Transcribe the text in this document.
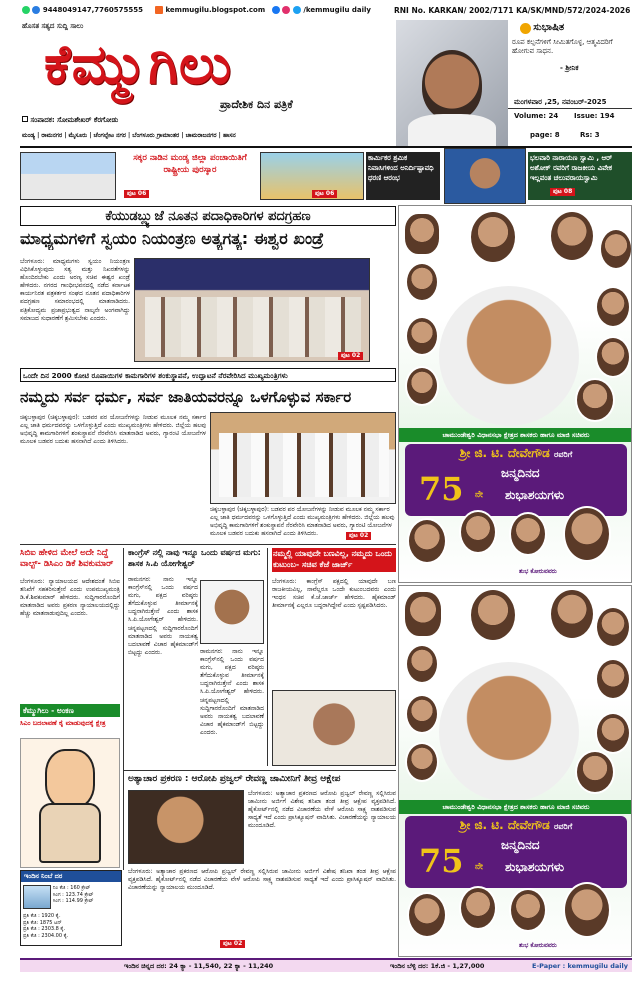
9448049147,7760575555	kemmugilu.blogspot.com	/kemmugilu daily
ಹೊಸತ ಸತ್ಯದ ಸುದ್ದಿ ಸಾಲು
ಕೆಮ್ಮುಗಿಲು
ಪ್ರಾದೇಶಿಕ ದಿನ ಪತ್ರಿಕೆ
ಸಂಪಾದಕ: ಸೋಮಶೇಖರ್ ಕೆರಗೋಡು
ಮಂಡ್ಯ | ರಾಮನಗರ | ಮೈಸೂರು | ಚೆಂಗಲ್ಪೇಟ ನಗರ | ಬೆಂಗಳೂರು ಗ್ರಾಮಾಂತರ | ಚಾಮರಾಜನಗರ | ಹಾಸನ
RNI No. KARKAN/ 2002/7171 KA/SK/MND/572/2024-2026
ಸುಭಾಷಿತ
ರೂಪ ಕಲ್ಪನೆಗಳಿಗೆ ಸೀಮಿತಗೊಳ್ಳ, ಆತ್ಮವಿದರಿಗೆ ಹೋಗುವ ಸಾಧನ.
- ಶ್ರೀನಿಕ
ಮಂಗಳವಾರ ,25, ನವಂಬರ್-2025
Volume: 24 Issue: 194
page: 8	Rs: 3
ಸಕ್ಕರ ನಾಡಿನ ಮಂಡ್ಯ ಜಿಲ್ಲಾ ಪಂಚಾಯಿತಿಗೆ ರಾಷ್ಟ್ರೀಯ ಪುರಸ್ಕಾರ
ಪುಟ 06
ಕಾರ್ಮಿಕರ ಶ್ರಮಿಕ ನಿವಾಸಿಗಳಿಂದ ಅನಿರ್ದಿಷ್ಟಾವಧಿ ಧರಣಿ ಆರಂಭ
ಪುಟ 06
ಭಲವಾರಿ ನಾರಾಯಣ ಸ್ವಾಮಿ , ಆರ್ ಅಶೋಕ್ ರವರಿಗೆ ರಾಜಕೀಯ ವಿವೇಕ ಇಲ್ಲವಂತ ಚಲುವರಾಯಸ್ವಾಮಿ
ಪುಟ 08
ಕೆಯುಡಬ್ಲ್ಯುಜೆ ನೂತನ ಪದಾಧಿಕಾರಿಗಳ ಪದಗ್ರಹಣ
ಮಾಧ್ಯಮಗಳಿಗೆ ಸ್ವಯಂ ನಿಯಂತ್ರಣ ಅತ್ಯಗತ್ಯ: ಈಶ್ವರ ಖಂಡ್ರೆ
ಬೆಂಗಳೂರು: ಮಾಧ್ಯಮಗಳು ಸ್ವಯಂ ನಿಯಂತ್ರಣ ವಿಧಿಸಿಕೊಳ್ಳುವುದು ಸತ್ಯ ಮತ್ತು ನಿಖರತೆಗಳನ್ನು ಹೊಂದಿರಬೇಕು ಎಂದು ಅರಣ್ಯ ಸಚಿವ ಈಶ್ವರ ಖಂಡ್ರೆ ಹೇಳಿದರು. ನಗರದ ಗಾಂಧೀಭವನದಲ್ಲಿ ನಡೆದ ಕರ್ನಾಟಕ ಕಾರ್ಯನಿರತ ಪತ್ರಕರ್ತರ ಸಂಘದ ನೂತನ ಪದಾಧಿಕಾರಿಗಳ ಪದಗ್ರಹಣ ಸಮಾರಂಭದಲ್ಲಿ ಮಾತನಾಡಿದರು. ಪತ್ರಿಕೋದ್ಯಮ ಪ್ರಜಾಪ್ರಭುತ್ವದ ನಾಲ್ಕನೇ ಅಂಗವಾಗಿದ್ದು ಸಮಾಜದ ಸುಧಾರಣೆಗೆ ಶ್ರಮಿಸಬೇಕು ಎಂದರು.
ಪುಟ 02
ಒಂದೇ ದಿನ 2000 ಕೋಟಿ ರೂಪಾಯಿಗಳ ಕಾಮಗಾರಿಗಳ ಶಂಕುಸ್ಥಾಪನೆ, ಉದ್ಘಾಟನೆ ನೆರವೇರಿಸಿದ ಮುಖ್ಯಮಂತ್ರಿಗಳು
ನಮ್ಮದು ಸರ್ವ ಧರ್ಮ, ಸರ್ವ ಜಾತಿಯವರನ್ನೂ ಒಳಗೊಳ್ಳುವ ಸರ್ಕಾರ
ಚಿಕ್ಕಬಳ್ಳಾಪುರ (ಚಿಕ್ಕಬಳ್ಳಾಪುರ): ಬಡವರ ಪರ ಯೋಜನೆಗಳನ್ನು ನೀಡುವ ಮೂಲಕ ನಮ್ಮ ಸರ್ಕಾರ ಎಲ್ಲ ಜಾತಿ ಧರ್ಮದವರನ್ನು ಒಳಗೊಳ್ಳುತ್ತಿದೆ ಎಂದು ಮುಖ್ಯಮಂತ್ರಿಗಳು ಹೇಳಿದರು. ಜಿಲ್ಲೆಯ ಹಲವು ಅಭಿವೃದ್ಧಿ ಕಾಮಗಾರಿಗಳಿಗೆ ಶಂಕುಸ್ಥಾಪನೆ ನೆರವೇರಿಸಿ ಮಾತನಾಡಿದ ಅವರು, ಗ್ಯಾರಂಟಿ ಯೋಜನೆಗಳ ಮೂಲಕ ಬಡವರ ಬದುಕು ಹಸನಾಗಿದೆ ಎಂದು ತಿಳಿಸಿದರು.
ಚಿಕ್ಕಬಳ್ಳಾಪುರ (ಚಿಕ್ಕಬಳ್ಳಾಪುರ): ಬಡವರ ಪರ ಯೋಜನೆಗಳನ್ನು ನೀಡುವ ಮೂಲಕ ನಮ್ಮ ಸರ್ಕಾರ ಎಲ್ಲ ಜಾತಿ ಧರ್ಮದವರನ್ನು ಒಳಗೊಳ್ಳುತ್ತಿದೆ ಎಂದು ಮುಖ್ಯಮಂತ್ರಿಗಳು ಹೇಳಿದರು. ಜಿಲ್ಲೆಯ ಹಲವು ಅಭಿವೃದ್ಧಿ ಕಾಮಗಾರಿಗಳಿಗೆ ಶಂಕುಸ್ಥಾಪನೆ ನೆರವೇರಿಸಿ ಮಾತನಾಡಿದ ಅವರು, ಗ್ಯಾರಂಟಿ ಯೋಜನೆಗಳ ಮೂಲಕ ಬಡವರ ಬದುಕು ಹಸನಾಗಿದೆ ಎಂದು ತಿಳಿಸಿದರು.	ಪುಟ 02
ಸಿಬಿಐ ಹೇಳಿದ ಮೇಲೆ ಅದೇ ನಿದ್ದೆ ವಾಲ್ಟ್- ಡಿಸಿಎಂ ಡಿಕೆ ಶಿವಕುಮಾರ್
ಬೆಂಗಳೂರು: ನ್ಯಾಯಾಲಯದ ಆದೇಶದಂತೆ ಸಿಬಿಐ ತನಿಖೆಗೆ ಸಹಕರಿಸುತ್ತೇನೆ ಎಂದು ಉಪಮುಖ್ಯಮಂತ್ರಿ ಡಿ.ಕೆ.ಶಿವಕುಮಾರ್ ಹೇಳಿದರು. ಸುದ್ದಿಗಾರರೊಂದಿಗೆ ಮಾತನಾಡಿದ ಅವರು ಪ್ರಕರಣ ನ್ಯಾಯಾಲಯದಲ್ಲಿದ್ದು ಹೆಚ್ಚು ಮಾತನಾಡುವುದಿಲ್ಲ ಎಂದರು.
ಕೆಮ್ಮುಗಿಲು - ಅಂಕಣ
ಸಿಎಂ ಬದಲಾವಣೆ ಕೈ ಮಾಡುವುದಕ್ಕೆ ಕ್ಷೇತ್ರ
ಕಾಂಗ್ರೆಸ್ ನಲ್ಲಿ ನಾವು ಇನ್ನೂ ಒಂದು ವರ್ಷದ ಮಗು: ಶಾಸಕ ಸಿ.ಪಿ ಯೋಗೇಶ್ವರ್
ರಾಮನಗರ: ನಾನು ಇನ್ನೂ ಕಾಂಗ್ರೆಸ್‌ನಲ್ಲಿ ಒಂದು ವರ್ಷದ ಮಗು, ಪಕ್ಷದ ವರಿಷ್ಠರು ತೆಗೆದುಕೊಳ್ಳುವ ತೀರ್ಮಾನಕ್ಕೆ ಬದ್ಧನಾಗಿರುತ್ತೇನೆ ಎಂದು ಶಾಸಕ ಸಿ.ಪಿ.ಯೋಗೇಶ್ವರ್ ಹೇಳಿದರು. ಚನ್ನಪಟ್ಟಣದಲ್ಲಿ ಸುದ್ದಿಗಾರರೊಂದಿಗೆ ಮಾತನಾಡಿದ ಅವರು ನಾಯಕತ್ವ ಬದಲಾವಣೆ ವಿಚಾರ ಹೈಕಮಾಂಡ್‌ಗೆ ಬಿಟ್ಟದ್ದು ಎಂದರು.	ರಾಮನಗರ: ನಾನು ಇನ್ನೂ ಕಾಂಗ್ರೆಸ್‌ನಲ್ಲಿ ಒಂದು ವರ್ಷದ ಮಗು, ಪಕ್ಷದ ವರಿಷ್ಠರು ತೆಗೆದುಕೊಳ್ಳುವ ತೀರ್ಮಾನಕ್ಕೆ ಬದ್ಧನಾಗಿರುತ್ತೇನೆ ಎಂದು ಶಾಸಕ ಸಿ.ಪಿ.ಯೋಗೇಶ್ವರ್ ಹೇಳಿದರು. ಚನ್ನಪಟ್ಟಣದಲ್ಲಿ ಸುದ್ದಿಗಾರರೊಂದಿಗೆ ಮಾತನಾಡಿದ ಅವರು ನಾಯಕತ್ವ ಬದಲಾವಣೆ ವಿಚಾರ ಹೈಕಮಾಂಡ್‌ಗೆ ಬಿಟ್ಟದ್ದು ಎಂದರು.
ನಮ್ಮಲ್ಲಿ ಯಾವುದೇ ಬಣವಿಲ್ಲ, ನಮ್ಮದು ಒಂದು ಕುಟುಂಬ- ಸಚಿವ ಕೆಜೆ ಜಾರ್ಜ್
ಬೆಂಗಳೂರು: ಕಾಂಗ್ರೆಸ್ ಪಕ್ಷದಲ್ಲಿ ಯಾವುದೇ ಬಣ ರಾಜಕೀಯವಿಲ್ಲ, ನಾವೆಲ್ಲರೂ ಒಂದೇ ಕುಟುಂಬದವರು ಎಂದು ಇಂಧನ ಸಚಿವ ಕೆ.ಜೆ.ಜಾರ್ಜ್ ಹೇಳಿದರು. ಹೈಕಮಾಂಡ್ ತೀರ್ಮಾನಕ್ಕೆ ಎಲ್ಲರೂ ಬದ್ಧರಾಗಿದ್ದೇವೆ ಎಂದು ಸ್ಪಷ್ಟಪಡಿಸಿದರು.
ಅತ್ಯಾಚಾರ ಪ್ರಕರಣ : ಆರೋಪಿ ಪ್ರಜ್ವಲ್ ರೇವಣ್ಣ ಜಾಮೀನಿಗೆ ತೀವ್ರ ಆಕ್ಷೇಪ
ಬೆಂಗಳೂರು: ಅತ್ಯಾಚಾರ ಪ್ರಕರಣದ ಆರೋಪಿ ಪ್ರಜ್ವಲ್ ರೇವಣ್ಣ ಸಲ್ಲಿಸಿರುವ ಜಾಮೀನು ಅರ್ಜಿಗೆ ವಿಶೇಷ ತನಿಖಾ ತಂಡ ತೀವ್ರ ಆಕ್ಷೇಪ ವ್ಯಕ್ತಪಡಿಸಿದೆ. ಹೈಕೋರ್ಟ್‌ನಲ್ಲಿ ನಡೆದ ವಿಚಾರಣೆಯ ವೇಳೆ ಆರೋಪಿ ಸಾಕ್ಷ್ಯ ನಾಶಪಡಿಸುವ ಸಾಧ್ಯತೆ ಇದೆ ಎಂದು ಪ್ರಾಸಿಕ್ಯೂಷನ್ ವಾದಿಸಿತು. ವಿಚಾರಣೆಯನ್ನು ನ್ಯಾಯಾಲಯ ಮುಂದೂಡಿದೆ.
ಬೆಂಗಳೂರು: ಅತ್ಯಾಚಾರ ಪ್ರಕರಣದ ಆರೋಪಿ ಪ್ರಜ್ವಲ್ ರೇವಣ್ಣ ಸಲ್ಲಿಸಿರುವ ಜಾಮೀನು ಅರ್ಜಿಗೆ ವಿಶೇಷ ತನಿಖಾ ತಂಡ ತೀವ್ರ ಆಕ್ಷೇಪ ವ್ಯಕ್ತಪಡಿಸಿದೆ. ಹೈಕೋರ್ಟ್‌ನಲ್ಲಿ ನಡೆದ ವಿಚಾರಣೆಯ ವೇಳೆ ಆರೋಪಿ ಸಾಕ್ಷ್ಯ ನಾಶಪಡಿಸುವ ಸಾಧ್ಯತೆ ಇದೆ ಎಂದು ಪ್ರಾಸಿಕ್ಯೂಷನ್ ವಾದಿಸಿತು. ವಿಚಾರಣೆಯನ್ನು ನ್ಯಾಯಾಲಯ ಮುಂದೂಡಿದೆ.
ಪುಟ 02
ಇಂದಿನ ನಿಂಬೆ ದರ
ನಿಂ ಕೆಜಿ : 160 ಕ್ರೇಟ್
ಸಿಂಗ : 123.74 ಕ್ರೇಟ್
ಸಿಂಗ : 114.99 ಕ್ರೇಟ್
ಪ್ರತಿ ಕೆಜಿ : 1920 ಕೈ.
ಪ್ರತಿ ಕೆಜಿ: 1875 ಟನ್
ಪ್ರತಿ ಕೆಜಿ : 2303.8 ಕೈ.
ಪ್ರತಿ ಕೆಜಿ : 2304.00 ಕೈ.
ಚಾಮುಂಡೇಶ್ವರಿ ವಿಧಾನಸಭಾ ಕ್ಷೇತ್ರದ ಶಾಸಕರು ಹಾಗೂ ಮಾಜಿ ಸಚಿವರು
ಶ್ರೀ ಜಿ. ಟಿ. ದೇವೇಗೌಡ ರವರಿಗೆ
ಜನ್ಮದಿನದ
75 ನೇ ಶುಭಾಶಯಗಳು
ಶುಭ ಕೋರುವವರು
ಚಾಮುಂಡೇಶ್ವರಿ ವಿಧಾನಸಭಾ ಕ್ಷೇತ್ರದ ಶಾಸಕರು ಹಾಗೂ ಮಾಜಿ ಸಚಿವರು
ಶ್ರೀ ಜಿ. ಟಿ. ದೇವೇಗೌಡ ರವರಿಗೆ
ಜನ್ಮದಿನದ
75 ನೇ ಶುಭಾಶಯಗಳು
ಶುಭ ಕೋರುವವರು
ಇಂದಿನ ಚಿನ್ನದ ದರ: 24 ಕ್ಯಾ - 11,540, 22 ಕ್ಯಾ - 11,240	ಇಂದಿನ ಬೆಳ್ಳಿ ದರ: 1ಕೆ.ಜಿ - 1,27,000	E-Paper : kemmugilu daily
